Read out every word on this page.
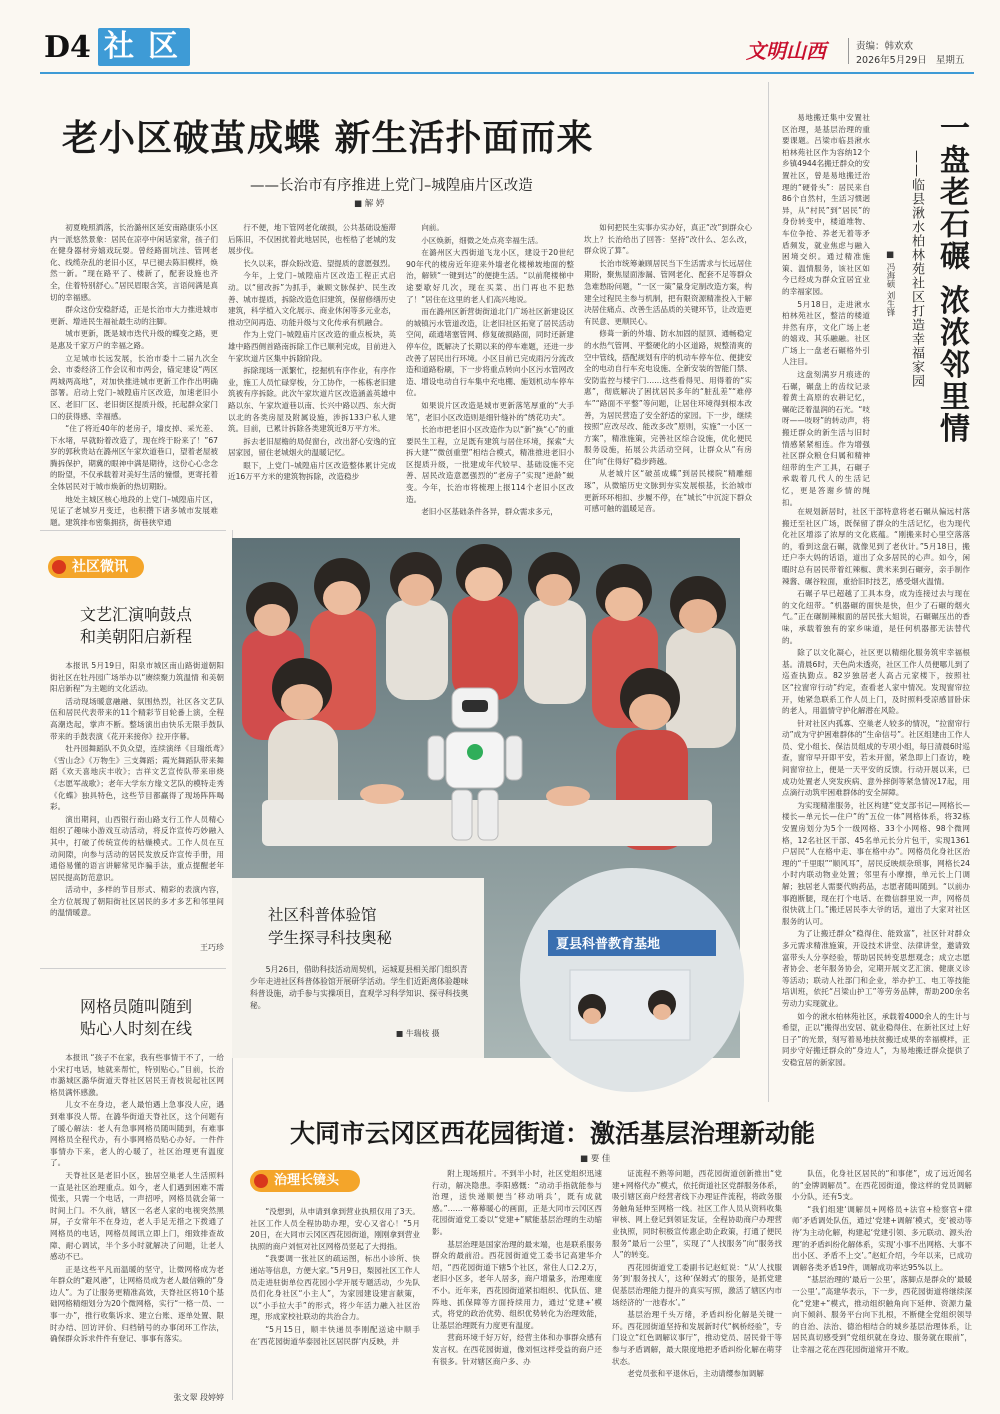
D4 社区	文明山西	责编：韩欢欢
2026年5月29日 星期五
老小区破茧成蝶 新生活扑面而来
——长治市有序推进上党门–城隍庙片区改造
■ 解 婷

初夏晚照洒落，长治潞州区延安南路康乐小区内一派悠然景象：居民在凉亭中闲话家常，孩子们在健身器材旁嬉戏玩耍。曾经路面坑洼、管网老化、线缆杂乱的老旧小区，早已褪去陈旧模样，焕然一新。“现在路平了、楼新了，配套设施也齐全，住着特别舒心。”居民眉眼含笑，言语间满是真切的幸福感。

群众这份安稳舒适，正是长治市大力推进城市更新、增进民生福祉最生动的注脚。

城市更新，既是城市迭代升级的蝶变之路，更是惠及千家万户的幸福之路。

立足城市长远发展，长治市委十二届九次全会、市委经济工作会议和市两会，锚定建设“两区两城两高地”，对加快推进城市更新工作作出明确部署。启动上党门–城隍庙片区改造，加速老旧小区、老旧厂区、老旧街区提质升级，托起群众家门口的获得感、幸福感。

“住了将近40年的老房子，墙皮掉、采光差、下水堵，早就盼着改造了，现在终于盼来了！”67岁的郭秋贵站在潞州区午家坎道巷口，望着老屋被腾拆保护，期冀的眼神中满是期待，这份心心念念的盼望，不仅承载着对美好生活的憧憬，更寄托着全体居民对于城市焕新的热切期盼。

地处主城区核心地段的上党门–城隍庙片区，见证了老城岁月变迁，也积攒下诸多城市发展难题。建筑排布密集拥挤，街巷狭窄通

行不便，地下管网老化破损，公共基础设施滞后陈旧，不仅困扰着此地居民，也桎梏了老城的发展步伐。

长久以来，群众盼改造、望提质的意愿强烈。

今年，上党门–城隍庙片区改造工程正式启动。以“留改拆”为抓手，兼顾文脉保护、民生改善、城市提质，拆除改造危旧建筑，保留修缮历史建筑，科学植入文化展示、商业休闲等多元业态，推动空间再造、功能升级与文化传承有机融合。

作为上党门–城隍庙片区改造的重点板块，英雄中路西侧首路南拆除工作已顺利完成，目前进入午家坎道片区集中拆除阶段。

拆除现场一派繁忙，挖掘机有序作业，有序作业，施工人员忙碌穿梭，分工协作，一栋栋老旧建筑被有序拆除。此次午家坎道片区改造涵盖英雄中路以东、午家坎道巷以南、长兴中路以西、东大街以北的各类房屋及附属设施，涉拆133户私人建筑。目前，已累计拆除各类建筑近8万平方米。

拆去老旧屋檐的局促窗台，改出舒心安逸的宜居家园，留住老城烟火的温暖记忆。

眼下，上党门–城隍庙片区改造整体累计完成近16万平方米的建筑物拆除，改造稳步

向前。

小区焕新，细微之处点亮幸福生活。

在潞州区大西街道飞龙小区，建设于20世纪90年代的楼房近年迎来外墙老化楼梯坡地面的整治，解锁“一键到达”的便捷生活。“以前爬楼梯中途要歇好几次，现在买菜、出门再也不犯愁了！”居住在这里的老人们高兴地说。

而在潞州区新营街街道北门广场社区新建设区的城镇污水管道改造，让老旧社区拓宽了居民活动空间，疏通堵塞管网、修复破损路面，同时还新建停车位，既解决了长期以来的停车难题，还进一步改善了居民出行环境。小区目前已完成雨污分流改造和道路粉刷，下一步将重点转向小区污水管网改造、增设电动自行车集中充电棚、施划机动车停车位。

如果说片区改造是城市更新落笔厚重的“大手笔”，老旧小区改造则是细针缝补的“绣花功夫”。

长治市把老旧小区改造作为以“新”换“心”的重要民生工程，立足既有建筑与居住环境，探索“大拆大建”“微创重塑”相结合模式，精准推进老旧小区提质升级，一批建成年代较早、基础设施不完善、居民改造意愿强烈的“老房子”实现“逆龄”蜕变。今年，长治市将梳理上报114个老旧小区改造。

老旧小区基础条件各异，群众需求多元，

如何把民生实事办实办好，真正“改”到群众心坎上？长治给出了回答：坚持“改什么、怎么改，群众说了算”。

长治市统筹兼顾居民当下生活需求与长远居住期盼，聚焦屋面渗漏、管网老化、配套不足等群众急难愁盼问题，“一区一策”量身定制改造方案，构建全过程民主参与机制，把有限资源精准投入于解决居住痛点、改善生活品质的关键环节，让改造更有民意、更顺民心。

修葺一新的外墙、防水加固的屋顶、通畅稳定的水热气管网、平整硬化的小区道路，规整清爽的空中管线，搭配规划有序的机动车停车位、便捷安全的电动自行车充电设施、全新安装的智能门禁、安防监控与楼宇门……这些看得见、用得着的“实惠”，彻底解决了困扰居民多年的“脏乱差”“难停车”“路面不平整”等问题，让居住环境得到根本改善，为居民营造了安全舒适的家园。下一步，继续按照“应改尽改、能改多改”原则，实施“一小区一方案”，精准施策，完善社区综合设施，优化便民服务设施，拓展公共活动空间，让群众从“有房住”向“住得好”稳步跨越。

从老城片区“破茧成蝶”到居民楼院“精雕细琢”，从微缩历史文脉到夯实发展根基，长治城市更新环环相扣、步履不停，在“城长”中沉淀下群众可感可触的温暖足音。

一盘老石碾 浓浓邻里情
——临县湫水柏林苑社区打造幸福家园
■ 冯海硕 刘生锋

易地搬迁集中安置社区治理，是基层治理的重要课题。吕梁市临县湫水柏林苑社区作为容纳12个乡镇4944名搬迁群众的安置社区，曾是易地搬迁治理的“硬骨头”：居民来自86个自然村，生活习惯迥异，从“村民”到“居民”的身份转变中，楼道堆物、车位争抢、养老无着等矛盾频发，就业焦虑与融入困境交织。通过精准施策、温情服务，该社区如今已经成为群众宜居宜业的幸福家园。

5月18日，走进湫水柏林苑社区，整洁的楼道井然有序，文化广场上老的嬉戏、其乐融融。社区广场上一盘老石碾格外引人注目。

这盘刻满岁月痕迹的石碾，碾盘上的齿纹记录着黄土高原的农耕记忆，碾砣泛着温润的石光。“吱呀——吱呀”的转动声，将搬迁群众的新生活与旧时情感紧紧相连。作为增强社区群众粮仓归属和精神纽带的生产工具，石碾子承载着几代人的生活记忆，更是答谢乡情的绳扣。

在规划新居时，社区干部特意将老石碾从偏远村落搬迁至社区广场，既保留了群众的生活记忆，也为现代化社区增添了浓厚的文化底蕴。“刚搬来时心里空落落的，看到这盘石碾，就像见到了老伙计。”5月18日，搬迁户李大妈的话语，道出了众多居民的心声。如今，闲暇时总有居民带着红辣椒、黄米来到石碾旁，亲手制作辣酱、碾谷粒面，重拾旧时技艺，感受烟火温情。

石碾子早已超越了工具本身，成为连接过去与现在的文化纽带。“机器碾的面快是快，但少了石碾的烟火气。”正在碾制辣椒面的居民张大姐说，石碾碾压出的香味，承载着独有的家乡味道，是任何机器都无法替代的。

除了以文化凝心，社区更以精细化服务筑牢幸福根基。清晨6时，天色尚未透亮，社区工作人员便哪儿到了巡查执勤点。82岁独居老人高占元家楼下，按照社区“拉窗帘行动”约定，查看老人家中情况。发现窗帘拉开，她紧急联系工作人员上门，及时照料受凉感冒卧床的老人，用温情守护化解潜在风险。

针对社区内孤寡、空巢老人较多的情况，“拉窗帘行动”成为守护困难群体的“生命信号”。社区组建由工作人员、党小组长、保洁员组成的专项小组，每日清晨6时巡查，窗帘早开即平安，若未开窗，紧急即上门查访，晚间窗帘拉上，便是一天平安的反馈。行动开展以来，已成功处置老人突发疾病、意外摔倒等紧急情况17起，用点滴行动筑牢困难群体的安全屏障。

为实现精准服务，社区构建“党支部书记—网格长—楼长—单元长—住户”的“五位一体”网格体系，将32栋安置房划分为5个一级网格、33个小网格、98个微网格，12名社区干部、45名单元长分片包干，实现1361户居民“人在格中走、事在格中办”。网格员化身社区治理的“千里眼”“顺风耳”，居民反映烦杂琐事，网格长24小时内联动物业处置；邻里有小摩擦，单元长上门调解；独居老人需要代购药品，志愿者随叫随到。“以前办事跑断腿，现在打个电话、在微信群里说一声，网格员很快就上门。”搬迁居民李大爷的话，道出了大家对社区服务的认可。

为了让搬迁群众“稳得住、能致富”，社区针对群众多元需求精准施策，开设技术讲堂、法律讲堂，邀请致富带头人分享经验，帮助居民转变思想观念；成立志愿者协会、老年服务协会，定期开展文艺汇演、健康义诊等活动；联动人社部门和企业，举办护工、电工等技能培训班，依托“吕梁山护工”等劳务品牌，帮助200余名劳动力实现就业。

如今的湫水柏林苑社区，承载着4000余人的生计与希望，正以“搬得出安居、就业稳得住、在新社区过上好日子”的光景，刻写着易地扶贫搬迁成果的幸福模样，正同步守好搬迁群众的“身边人”，为易地搬迁群众提供了安稳宜居的新家园。

社区微讯
文艺汇演响鼓点
和美朝阳启新程

本报讯 5月19日，阳泉市城区南山路街道朝阳街社区在牡丹园广场举办以“赓续聚力筑温情 和美朝阳启新程”为主题的文化活动。

活动现场暖意融融、氛围热烈，社区各文艺队伍和居民代表带来的11个精彩节目轮番上演，全程高潮迭起，掌声不断。整场演出由快乐无限手鼓队带来的手鼓表演《花开来接你》拉开序幕。

牡丹园舞蹈队不负众望，连续演绎《目瑞纸鸢》《雪山念》《万物生》三支舞蹈；霞光舞蹈队带来舞蹈《欢天喜地庆丰收》；吉祥文艺宣传队带来串烧《志愿军战歌》；老年大学东方缘文艺队的模特走秀《化蝶》独具特色，这些节目都赢得了现场阵阵喝彩。

演出期间，山西银行南山路支行工作人员精心组织了趣味小游戏互动活动，将反诈宣传巧妙融入其中，打破了传统宣传的枯燥模式。工作人员在互动间隙，向参与活动的居民发放反诈宣传手册，用通俗易懂的语言讲解常见诈骗手法，重点提醒老年居民提高防范意识。

活动中，多样的节目形式、精彩的表演内容，全方位展现了朝阳街社区居民的多才多艺和邻里间的温情暖意。

王巧珍
网格员随叫随到
贴心人时刻在线

本报讯 “孩子不在家，我有些事情干不了，一给小宋打电话，她就来帮忙，特别贴心。”目前，长治市潞城区潞华街道天脊社区居民王青枝说起社区网格员满怀感激。

儿女不在身边，老人最怕遇上急事没人应，遇到难事没人帮。在潞华街道天脊社区，这个问题有了暖心解法：老人有急事网格员随叫随到，有难事网格员全程代办，有小事网格员贴心办好。一件件事情办下来，老人的心暖了，社区治理更有温度了。

天脊社区是老旧小区，独居空巢老人生活照料一直是社区治理重点。如今，老人们遇到困难不需慌张，只需一个电话，一声招呼，网格员就会第一时间上门。不久前，辖区一名老人家的电视突然黑屏，子女常年不在身边，老人手足无措之下拨通了网格员的电话，网格员闻讯立即上门，细致排查故障、耐心调试，半个多小时就解决了问题，让老人感动不已。

正是这些平凡而温暖的坚守，让微网格成为老年群众的“避风港”，让网格员成为老人最信赖的“身边人”。为了让服务更精准高效，天脊社区将10个基础网格精细划分为20个微网格，实行“一格一员、一事一办”，推行收集诉求、建立台账、逐单处置、限时办结、回访评价、归档销号的办事闭环工作法，确保群众诉求件件有登记、事事有落实。

张文翠 段婷婷
夏县科普教育基地
社区科普体验馆
学生探寻科技奥秘
5月26日，借助科技活动周契机，运城夏县相关部门组织青少年走进社区科普体验馆开展研学活动。学生们近距离体验趣味科普设施，动手参与实操项目，直观学习科学知识、探寻科技奥秘。
■ 牛瑞枝 摄
大同市云冈区西花园街道：激活基层治理新动能
■ 要 佳
治理长镜头

“没想到，从申请到拿到营业执照仅用了3天。社区工作人员全程协助办理，安心又省心！”5月20日，在大同市云冈区西花园街道，刚刚拿到营业执照的商户刘恒对社区网格员竖起了大拇指。

“我要调一张社区的疏运图，标出小诊所、快递站等信息，方便大家。”5月9日，梨园社区工作人员走进驻街单位西花园小学开展专题活动，少先队员们化身社区“小主人”，为家园建设建言献策，以“小手拉大手”的形式，将少年活力融入社区治理，形成家校社联动的共治合力。

“5月15日，顺丰快递员李刚配送途中顺手在‘西花园街道华泰园社区居民群’内反映，并

附上现场照片。不到半小时，社区党组织迅速行动，解决隐患。李阳感慨：“动动手指就能参与治理，送快递顺便当‘移动哨兵’，既有成就感。”……一幕幕暖心的画面，正是大同市云冈区西花园街道党工委以“党建+”赋能基层治理的生动缩影。

基层治理是国家治理的最末端，也是联系服务群众的最前沿。西花园街道党工委书记高建华介绍，“西花园街道下辖5个社区，常住人口2.2万，老旧小区多，老年人居多，商户增量多，治理难度不小。近年来，西花园街道紧扣组织、优队伍、建阵地、抓保障等方面持续用力，通过‘党建+’模式，将党的政治优势、组织优势转化为治理效能，让基层治理既有力度更有温度。

营商环境千好万好，经营主体和办事群众感有发言权。在西花园街道，像刘恒这样受益的商户还有很多。针对辖区商户多、办

证流程不熟等问题，西花园街道创新推出“党建+网格代办”模式，依托街道社区党群服务体系，吸引辖区商户经营者线下办理证件流程，将政务服务触角延伸至网格一线。社区工作人员从资料收集审核、网上登记到领证发证，全程协助商户办理营业执照，同时积极宣传惠企助企政策，打通了便民服务“最后一公里”，实现了“人找服务”向“服务找人”的转变。

西花园街道党工委副书记赵虹说：“从‘人找服务’到‘服务找人’，这种‘保姆式’的服务，是抓党建促基层治理能力提升的真实写照，激活了辖区内市场经济的‘一池春水’。”

基层治理千头万绪，矛盾纠纷化解是关键一环。西花园街道坚持和发展新时代“枫桥经验”，专门设立“红色调解议事厅”，推动党员、居民骨干等参与矛盾调解，最大限度地把矛盾纠纷化解在萌芽状态。

老党员张和平退休后，主动请缨参加调解

队伍，化身社区居民的“和事佬”，成了远近闻名的“金牌调解员”。在西花园街道，像这样的党员调解小分队，还有5支。

“我们组建‘调解员+网格员+法官+检察官+律师’矛盾调处队伍，通过‘党建+调解’模式，变‘被动等待’为主动化解，构建起‘党建引领、多元联动、源头治理’的矛盾纠纷化解体系，实现‘小事不出网格、大事不出小区、矛盾不上交’。”赵虹介绍，今年以来，已成功调解各类矛盾19件，调解成功率达95%以上。

“基层治理的‘最后一公里’，落脚点是群众的‘最暖一公里’。”高建华表示，下一步，西花园街道将继续深化“党建+”模式，推动组织触角向下延伸、资源力量向下倾斜、服务平台向下扎根，不断健全党组织领导的自治、法治、德治相结合的城乡基层治理体系，让居民真切感受到“党组织就在身边、服务就在眼前”，让幸福之花在西花园街道常开不败。
